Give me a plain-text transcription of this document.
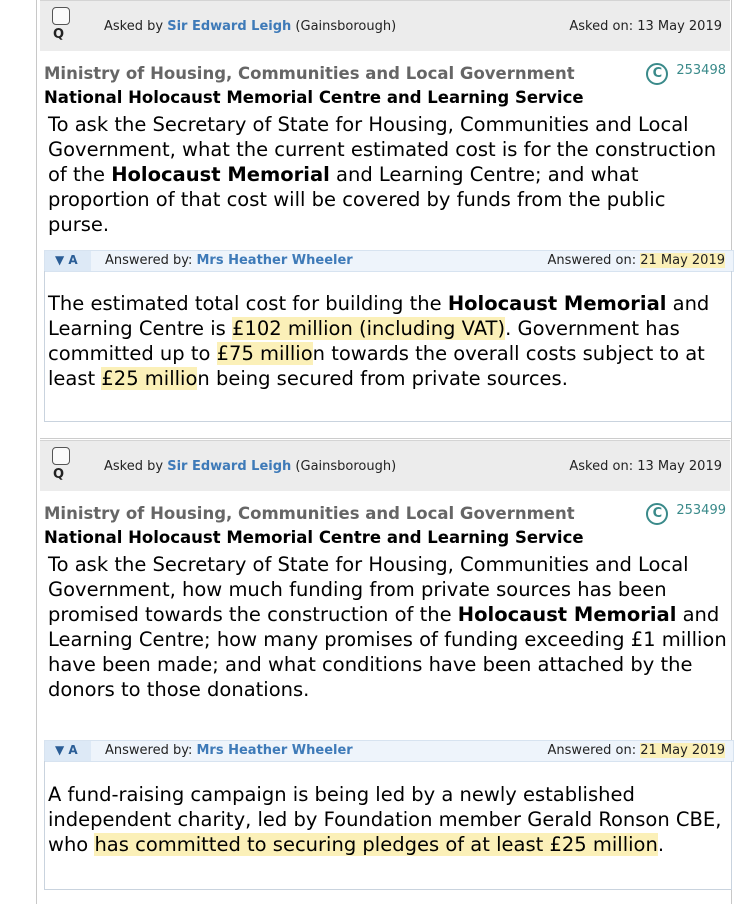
Q
Asked by Sir Edward Leigh (Gainsborough)	Asked on: 13 May 2019
Ministry of Housing, Communities and Local Government	C 253498
National Holocaust Memorial Centre and Learning Service
To ask the Secretary of State for Housing, Communities and Local Government, what the current estimated cost is for the construction of the Holocaust Memorial and Learning Centre; and what proportion of that cost will be covered by funds from the public purse.
▼ A Answered by: Mrs Heather Wheeler	Answered on: 21 May 2019
The estimated total cost for building the Holocaust Memorial and Learning Centre is £102 million (including VAT). Government has committed up to £75 million towards the overall costs subject to at least £25 million being secured from private sources.
Q
Asked by Sir Edward Leigh (Gainsborough)	Asked on: 13 May 2019
Ministry of Housing, Communities and Local Government	C 253499
National Holocaust Memorial Centre and Learning Service
To ask the Secretary of State for Housing, Communities and Local Government, how much funding from private sources has been promised towards the construction of the Holocaust Memorial and Learning Centre; how many promises of funding exceeding £1 million have been made; and what conditions have been attached by the donors to those donations.
▼ A Answered by: Mrs Heather Wheeler	Answered on: 21 May 2019
A fund-raising campaign is being led by a newly established independent charity, led by Foundation member Gerald Ronson CBE, who has committed to securing pledges of at least £25 million.
